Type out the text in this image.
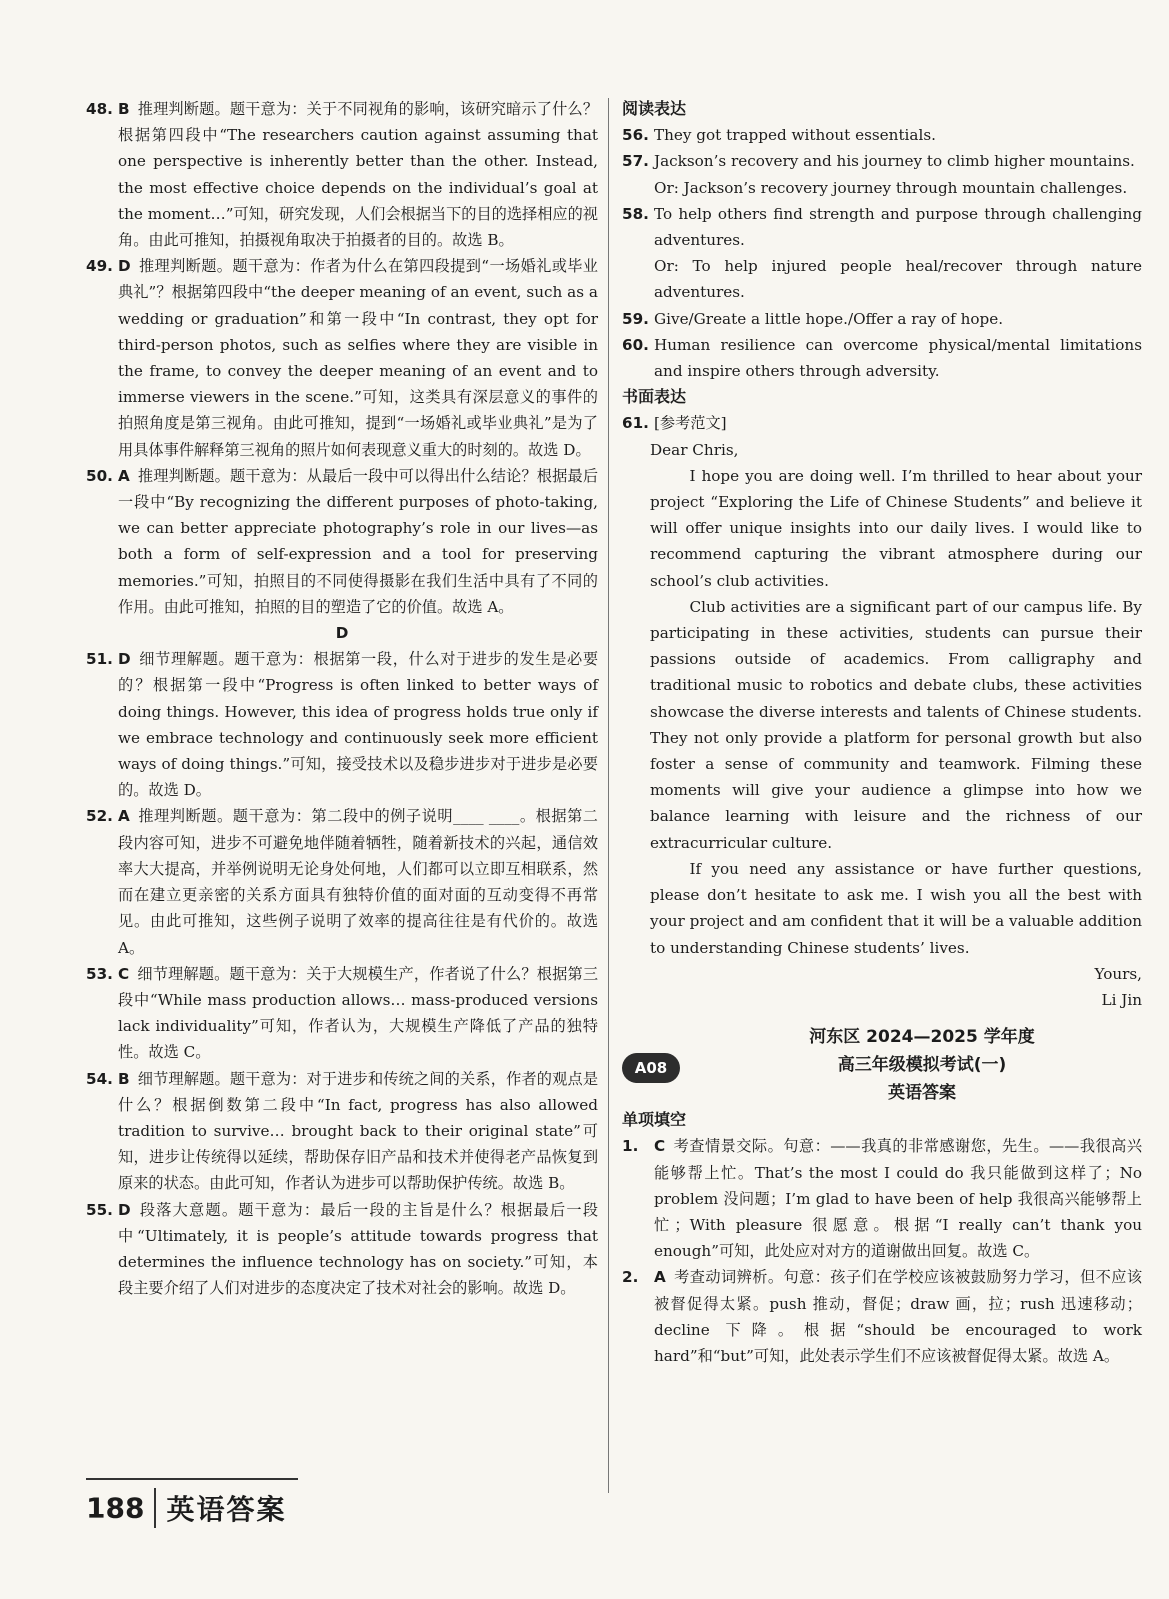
48. B 推理判断题。题干意为：关于不同视角的影响，该研究暗示了什么？根据第四段中“The researchers caution against assuming that one perspective is inherently better than the other. Instead, the most effective choice depends on the individual’s goal at the moment…”可知，研究发现，人们会根据当下的目的选择相应的视角。由此可推知，拍摄视角取决于拍摄者的目的。故选 B。
49. D 推理判断题。题干意为：作者为什么在第四段提到“一场婚礼或毕业典礼”？根据第四段中“the deeper meaning of an event, such as a wedding or graduation”和第一段中“In contrast, they opt for third-person photos, such as selfies where they are visible in the frame, to convey the deeper meaning of an event and to immerse viewers in the scene.”可知，这类具有深层意义的事件的拍照角度是第三视角。由此可推知，提到“一场婚礼或毕业典礼”是为了用具体事件解释第三视角的照片如何表现意义重大的时刻的。故选 D。
50. A 推理判断题。题干意为：从最后一段中可以得出什么结论？根据最后一段中“By recognizing the different purposes of photo-taking, we can better appreciate photography’s role in our lives—as both a form of self-expression and a tool for preserving memories.”可知，拍照目的不同使得摄影在我们生活中具有了不同的作用。由此可推知，拍照的目的塑造了它的价值。故选 A。
D
51. D 细节理解题。题干意为：根据第一段，什么对于进步的发生是必要的？根据第一段中“Progress is often linked to better ways of doing things. However, this idea of progress holds true only if we embrace technology and continuously seek more efficient ways of doing things.”可知，接受技术以及稳步进步对于进步是必要的。故选 D。
52. A 推理判断题。题干意为：第二段中的例子说明____ ____。根据第二段内容可知，进步不可避免地伴随着牺牲，随着新技术的兴起，通信效率大大提高，并举例说明无论身处何地，人们都可以立即互相联系，然而在建立更亲密的关系方面具有独特价值的面对面的互动变得不再常见。由此可推知，这些例子说明了效率的提高往往是有代价的。故选 A。
53. C 细节理解题。题干意为：关于大规模生产，作者说了什么？根据第三段中“While mass production allows… mass-produced versions lack individuality”可知，作者认为，大规模生产降低了产品的独特性。故选 C。
54. B 细节理解题。题干意为：对于进步和传统之间的关系，作者的观点是什么？根据倒数第二段中“In fact, progress has also allowed tradition to survive… brought back to their original state”可知，进步让传统得以延续，帮助保存旧产品和技术并使得老产品恢复到原来的状态。由此可知，作者认为进步可以帮助保护传统。故选 B。
55. D 段落大意题。题干意为：最后一段的主旨是什么？根据最后一段中“Ultimately, it is people’s attitude towards progress that determines the influence technology has on society.”可知，本段主要介绍了人们对进步的态度决定了技术对社会的影响。故选 D。
阅读表达
56. They got trapped without essentials.
57. Jackson’s recovery and his journey to climb higher mountains.
Or: Jackson’s recovery journey through mountain challenges.
58. To help others find strength and purpose through challenging adventures.
Or: To help injured people heal/recover through nature adventures.
59. Give/Greate a little hope./Offer a ray of hope.
60. Human resilience can overcome physical/mental limitations and inspire others through adversity.
书面表达
61. [参考范文]
Dear Chris,
I hope you are doing well. I’m thrilled to hear about your project “Exploring the Life of Chinese Students” and believe it will offer unique insights into our daily lives. I would like to recommend capturing the vibrant atmosphere during our school’s club activities.
Club activities are a significant part of our campus life. By participating in these activities, students can pursue their passions outside of academics. From calligraphy and traditional music to robotics and debate clubs, these activities showcase the diverse interests and talents of Chinese students. They not only provide a platform for personal growth but also foster a sense of community and teamwork. Filming these moments will give your audience a glimpse into how we balance learning with leisure and the richness of our extracurricular culture.
If you need any assistance or have further questions, please don’t hesitate to ask me. I wish you all the best with your project and am confident that it will be a valuable addition to understanding Chinese students’ lives.
Yours,
Li Jin
A08
河东区 2024—2025 学年度
高三年级模拟考试(一)
英语答案
单项填空
1. C 考查情景交际。句意：——我真的非常感谢您，先生。——我很高兴能够帮上忙。That’s the most I could do 我只能做到这样了；No problem 没问题；I’m glad to have been of help 我很高兴能够帮上忙；With pleasure 很愿意。根据“I really can’t thank you enough”可知，此处应对对方的道谢做出回复。故选 C。
2. A 考查动词辨析。句意：孩子们在学校应该被鼓励努力学习，但不应该被督促得太紧。push 推动，督促；draw 画，拉；rush 迅速移动；decline 下降。根据“should be encouraged to work hard”和“but”可知，此处表示学生们不应该被督促得太紧。故选 A。
188 英语答案
